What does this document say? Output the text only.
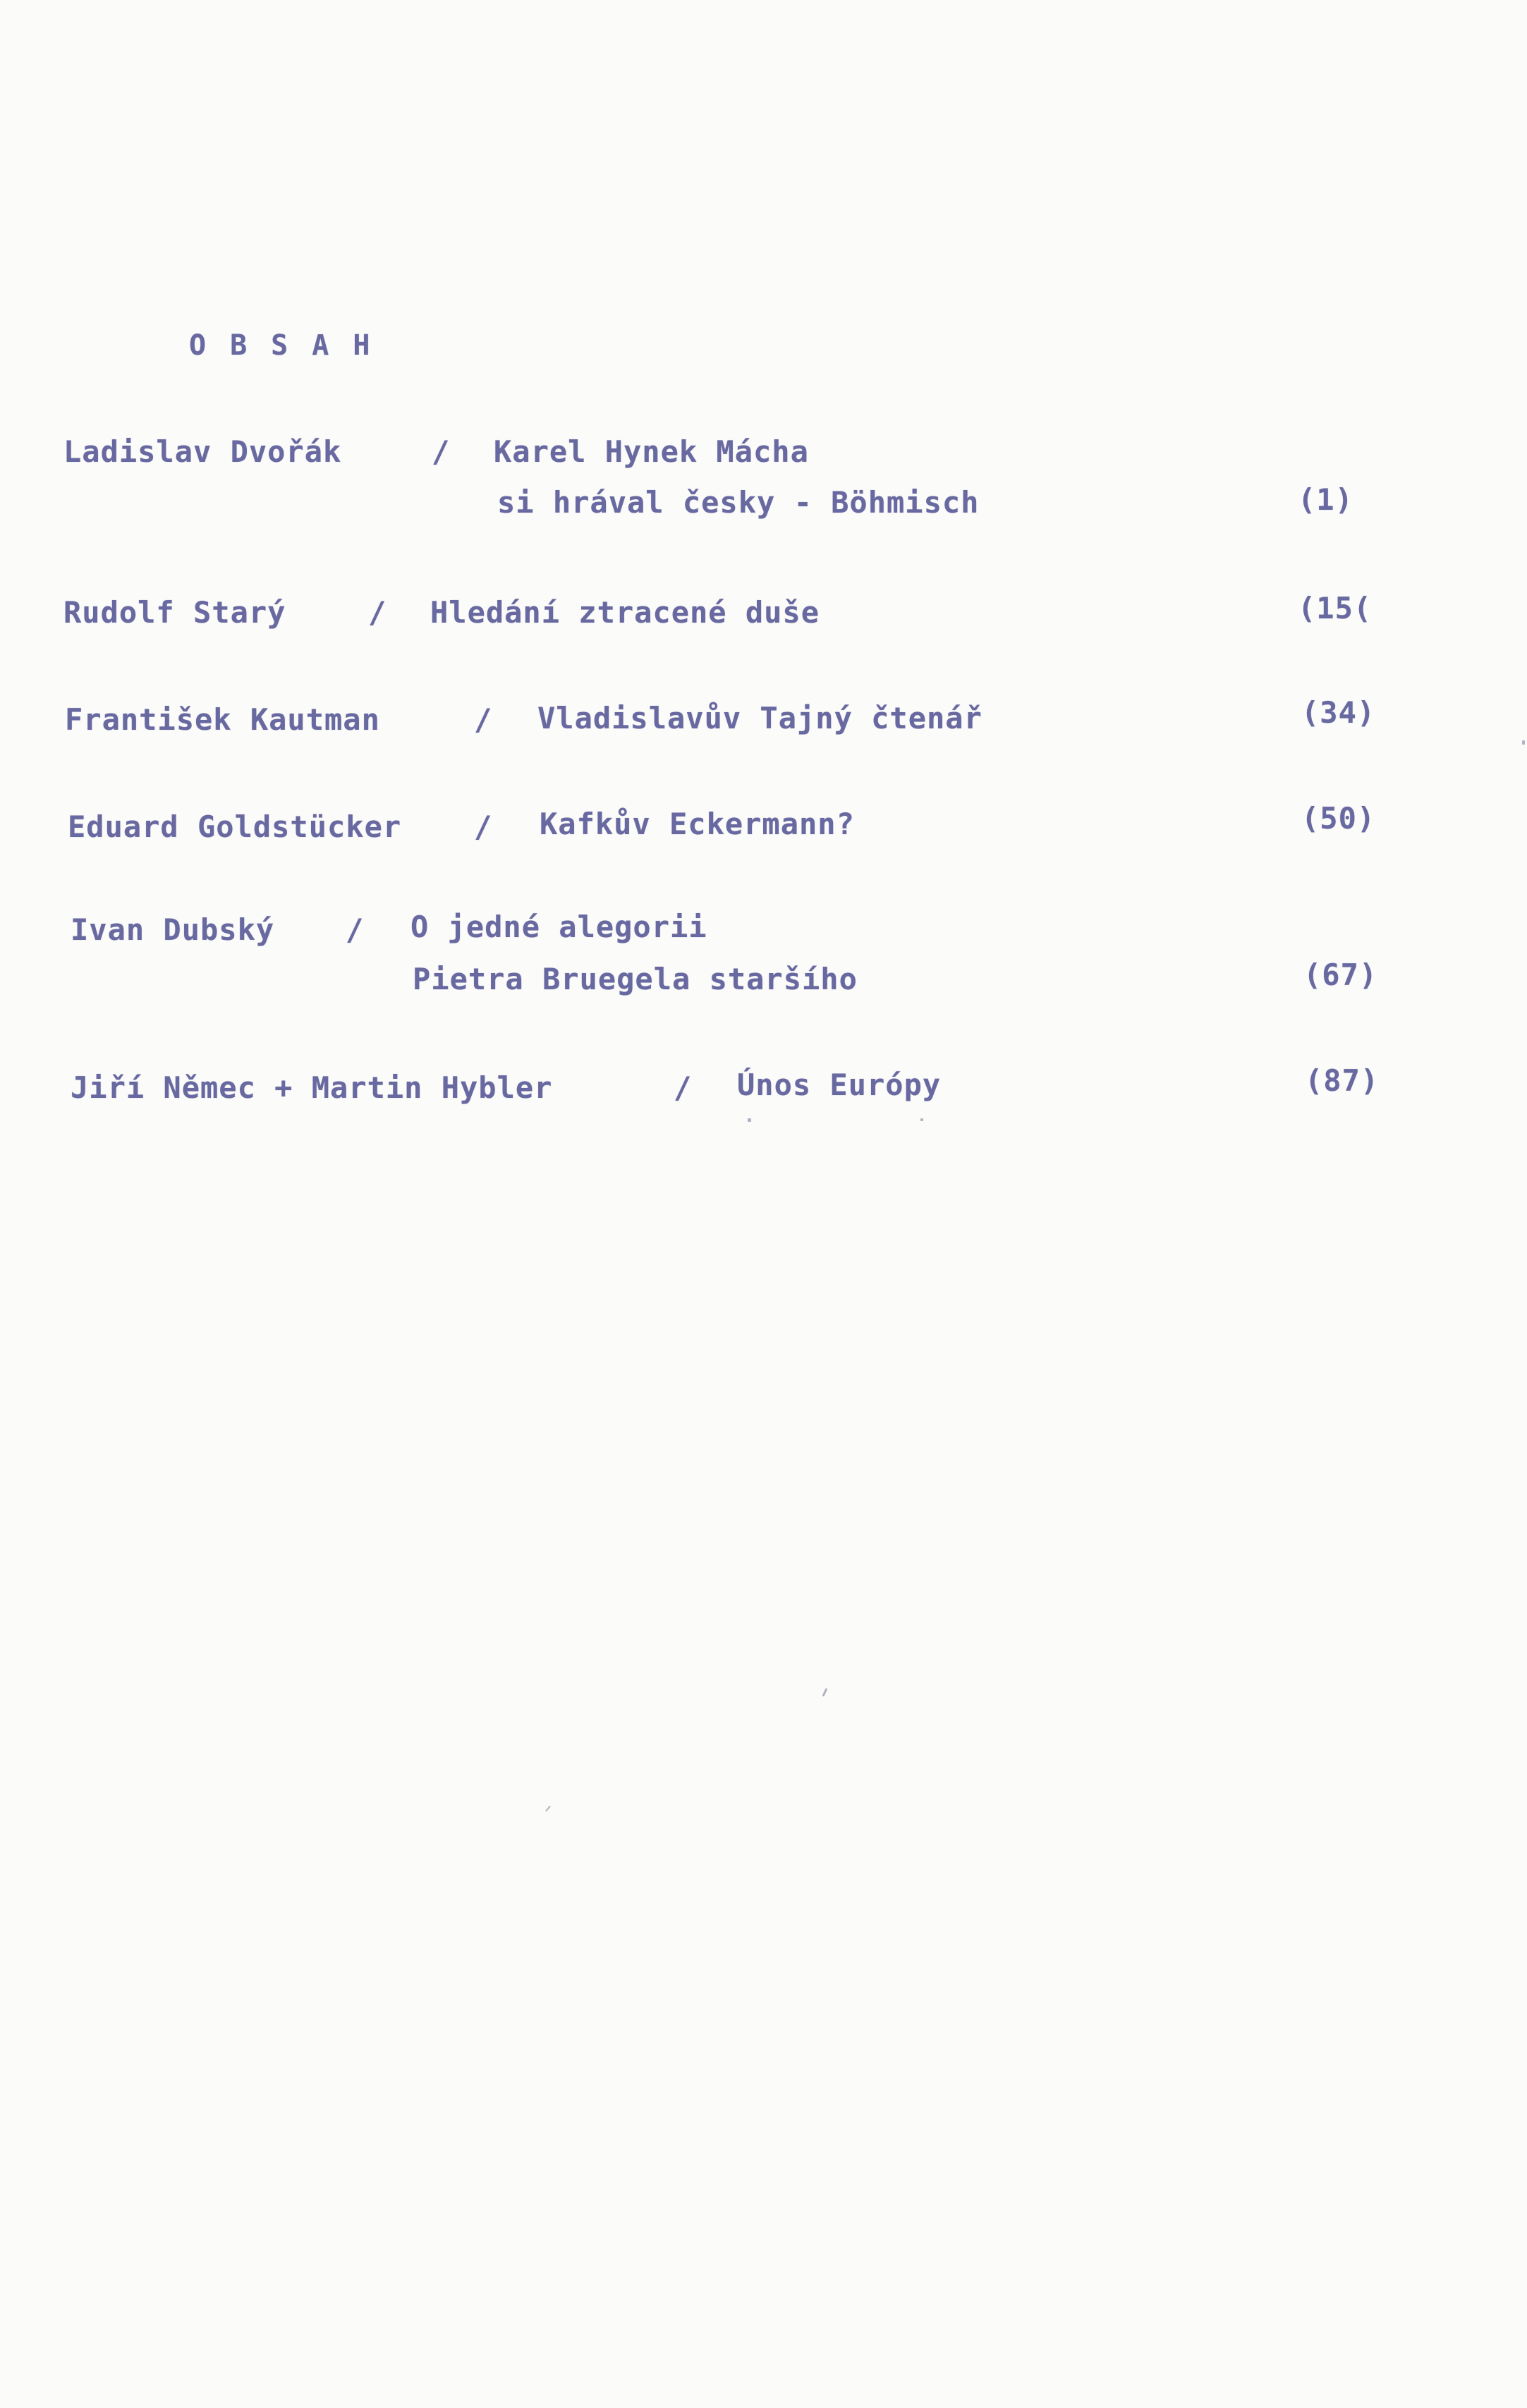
OBSAH
Ladislav Dvořák	/ Karel Hynek Mácha
si hrával česky - Böhmisch	(1)
Rudolf Starý	/ Hledání ztracené duše	(15(
František Kautman	/ Vladislavův Tajný čtenář	(34)
Eduard Goldstücker / Kafkův Eckermann?	(50)
Ivan Dubský / O jedné alegorii
Pietra Bruegela staršího	(67)
Jiří Němec + Martin Hybler	/ Únos Európy	(87)
